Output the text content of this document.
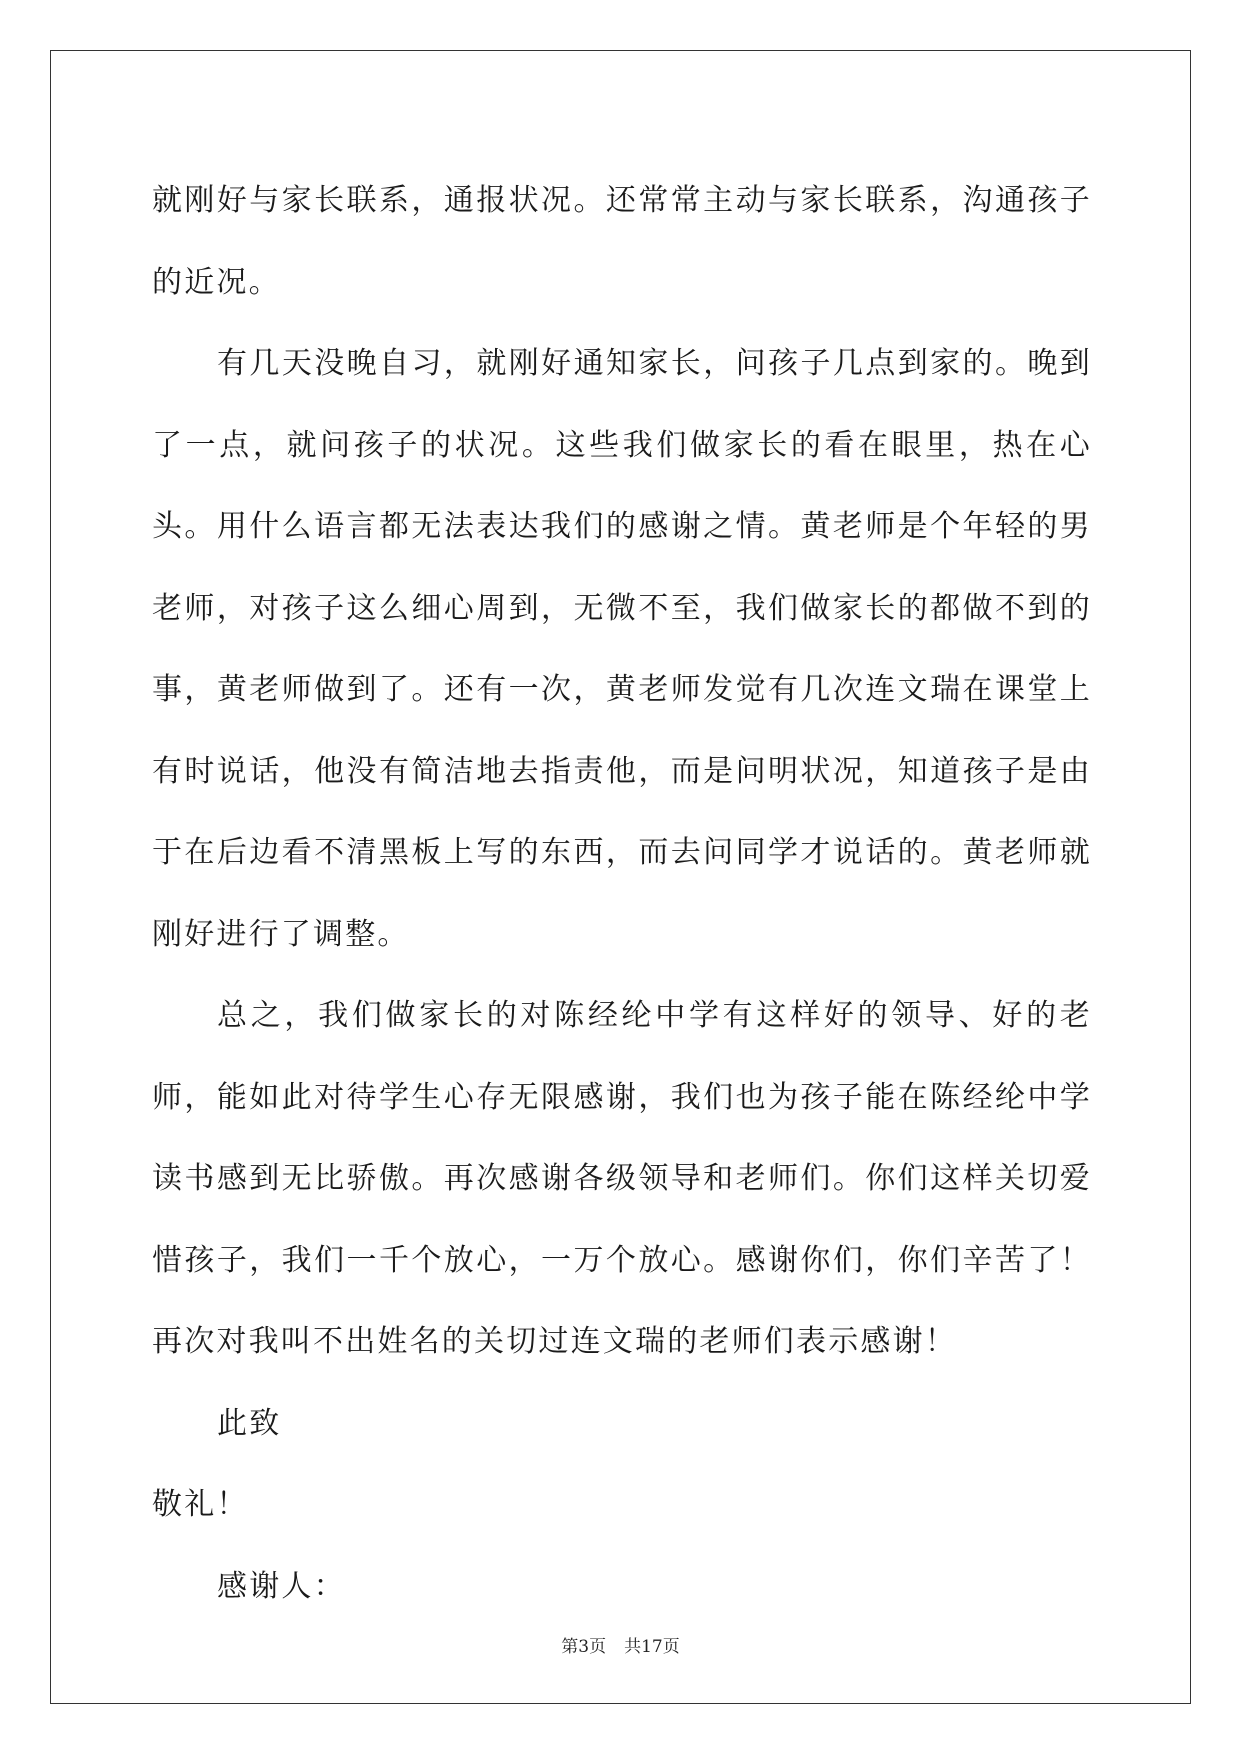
就刚好与家长联系，通报状况。还常常主动与家长联系，沟通孩子的近况。

有几天没晚自习，就刚好通知家长，问孩子几点到家的。晚到了一点，就问孩子的状况。这些我们做家长的看在眼里，热在心头。用什么语言都无法表达我们的感谢之情。黄老师是个年轻的男老师，对孩子这么细心周到，无微不至，我们做家长的都做不到的事，黄老师做到了。还有一次，黄老师发觉有几次连文瑞在课堂上有时说话，他没有简洁地去指责他，而是问明状况，知道孩子是由于在后边看不清黑板上写的东西，而去问同学才说话的。黄老师就刚好进行了调整。

总之，我们做家长的对陈经纶中学有这样好的领导、好的老师，能如此对待学生心存无限感谢，我们也为孩子能在陈经纶中学读书感到无比骄傲。再次感谢各级领导和老师们。你们这样关切爱惜孩子，我们一千个放心，一万个放心。感谢你们，你们辛苦了！再次对我叫不出姓名的关切过连文瑞的老师们表示感谢！

此致

敬礼！

感谢人：

第3页 共17页
